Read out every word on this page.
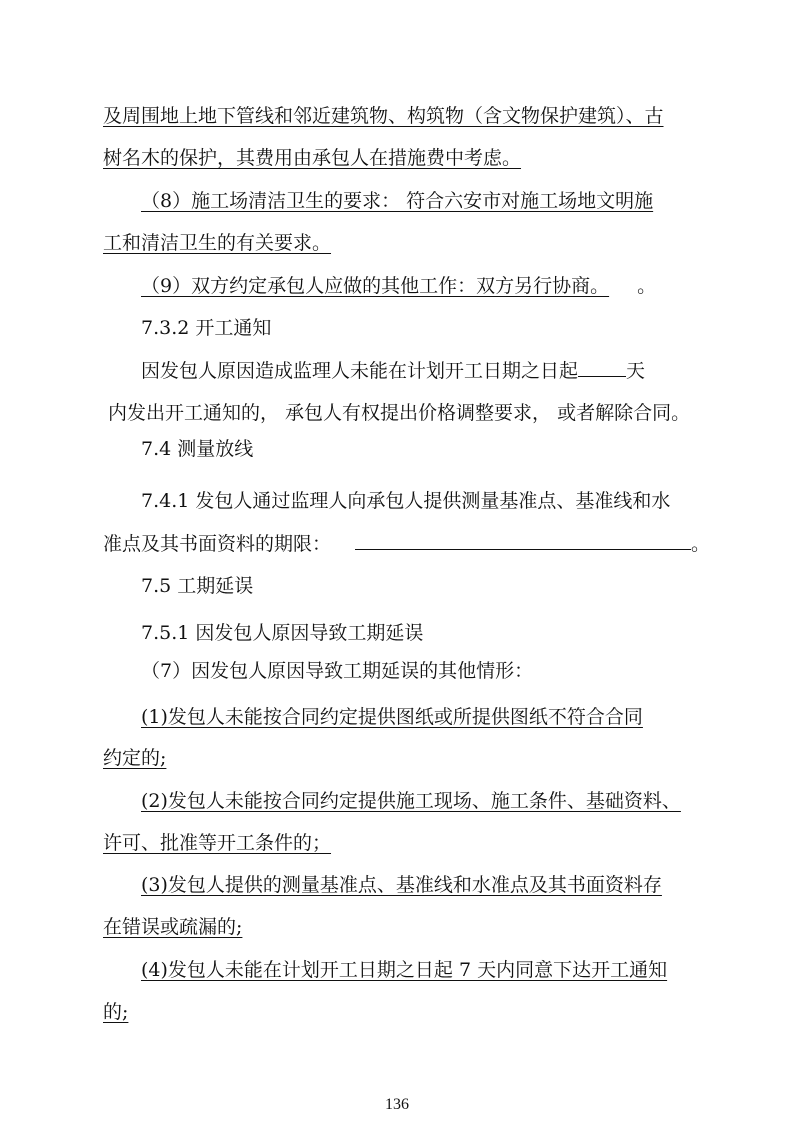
及周围地上地下管线和邻近建筑物、构筑物（含文物保护建筑）、古
树名木的保护，其费用由承包人在措施费中考虑。
（8）施工场清洁卫生的要求： 符合六安市对施工场地文明施
工和清洁卫生的有关要求。
（9）双方约定承包人应做的其他工作：双方另行协商。 。
7.3.2 开工通知
因发包人原因造成监理人未能在计划开工日期之日起	天
内发出开工通知的， 承包人有权提出价格调整要求， 或者解除合同。
7.4 测量放线
7.4.1 发包人通过监理人向承包人提供测量基准点、基准线和水
准点及其书面资料的期限：	。
7.5 工期延误
7.5.1 因发包人原因导致工期延误
（7）因发包人原因导致工期延误的其他情形：
(1)发包人未能按合同约定提供图纸或所提供图纸不符合合同
约定的;
(2)发包人未能按合同约定提供施工现场、施工条件、基础资料、
许可、批准等开工条件的；
(3)发包人提供的测量基准点、基准线和水准点及其书面资料存
在错误或疏漏的;
(4)发包人未能在计划开工日期之日起 7 天内同意下达开工通知
的;
136
